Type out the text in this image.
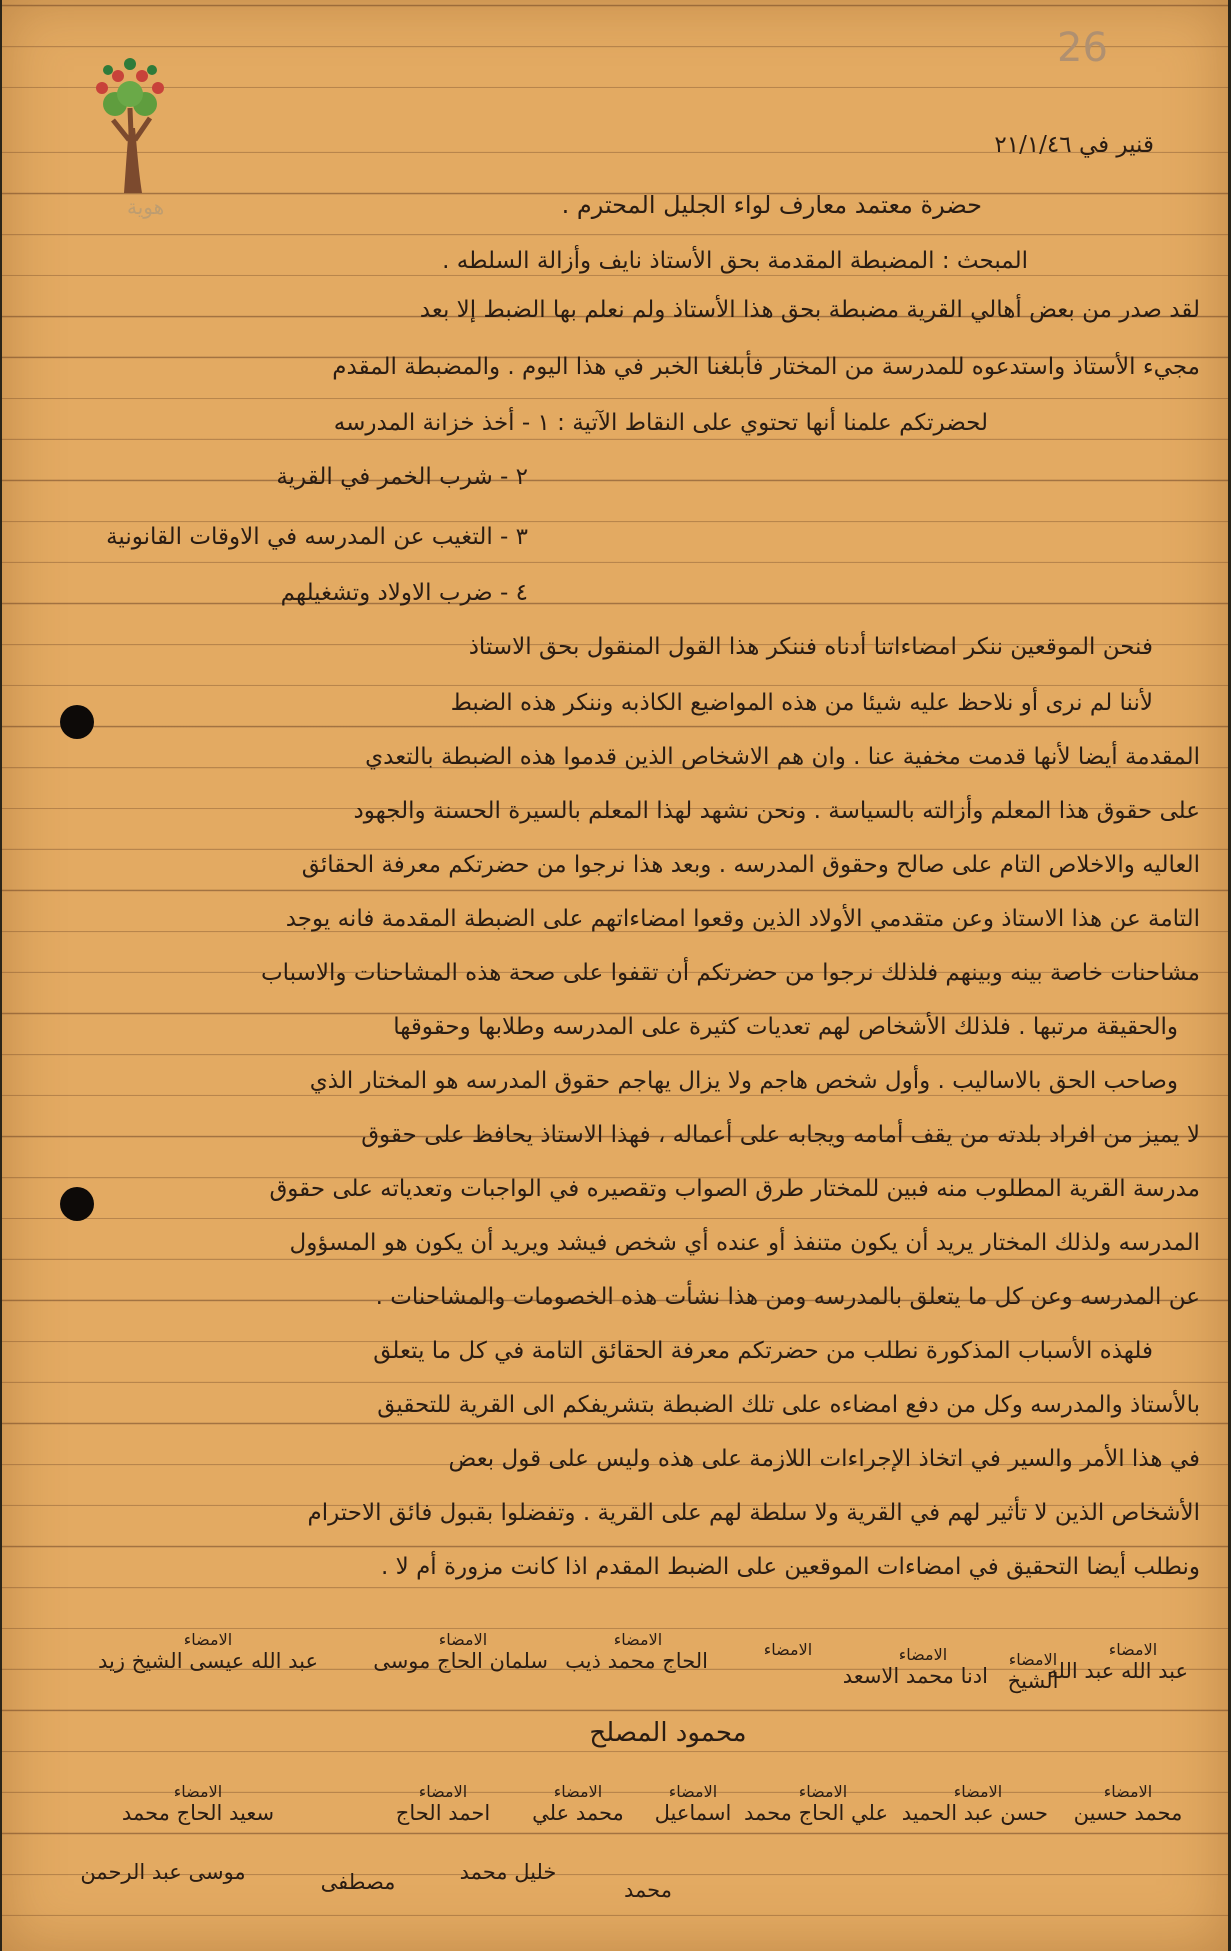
26
هوية
قنير في ٢١/١/٤٦
حضرة معتمد معارف لواء الجليل المحترم .
المبحث : المضبطة المقدمة بحق الأستاذ نايف وأزالة السلطه .
لقد صدر من بعض أهالي القرية مضبطة بحق هذا الأستاذ ولم نعلم بها الضبط إلا بعد
مجيء الأستاذ واستدعوه للمدرسة من المختار فأبلغنا الخبر في هذا اليوم . والمضبطة المقدم
لحضرتكم علمنا أنها تحتوي على النقاط الآتية : ١ - أخذ خزانة المدرسه
٢ - شرب الخمر في القرية
٣ - التغيب عن المدرسه في الاوقات القانونية
٤ - ضرب الاولاد وتشغيلهم
فنحن الموقعين ننكر امضاءاتنا أدناه فننكر هذا القول المنقول بحق الاستاذ
لأننا لم نرى أو نلاحظ عليه شيئا من هذه المواضيع الكاذبه وننكر هذه الضبط
المقدمة أيضا لأنها قدمت مخفية عنا . وان هم الاشخاص الذين قدموا هذه الضبطة بالتعدي
على حقوق هذا المعلم وأزالته بالسياسة . ونحن نشهد لهذا المعلم بالسيرة الحسنة والجهود
العاليه والاخلاص التام على صالح وحقوق المدرسه . وبعد هذا نرجوا من حضرتكم معرفة الحقائق
التامة عن هذا الاستاذ وعن متقدمي الأولاد الذين وقعوا امضاءاتهم على الضبطة المقدمة فانه يوجد
مشاحنات خاصة بينه وبينهم فلذلك نرجوا من حضرتكم أن تقفوا على صحة هذه المشاحنات والاسباب
والحقيقة مرتبها . فلذلك الأشخاص لهم تعديات كثيرة على المدرسه وطلابها وحقوقها
وصاحب الحق بالاساليب . وأول شخص هاجم ولا يزال يهاجم حقوق المدرسه هو المختار الذي
لا يميز من افراد بلدته من يقف أمامه ويجابه على أعماله ، فهذا الاستاذ يحافظ على حقوق
مدرسة القرية المطلوب منه فبين للمختار طرق الصواب وتقصيره في الواجبات وتعدياته على حقوق
المدرسه ولذلك المختار يريد أن يكون متنفذ أو عنده أي شخص فيشد ويريد أن يكون هو المسؤول
عن المدرسه وعن كل ما يتعلق بالمدرسه ومن هذا نشأت هذه الخصومات والمشاحنات .
فلهذه الأسباب المذكورة نطلب من حضرتكم معرفة الحقائق التامة في كل ما يتعلق
بالأستاذ والمدرسه وكل من دفع امضاءه على تلك الضبطة بتشريفكم الى القرية للتحقيق
في هذا الأمر والسير في اتخاذ الإجراءات اللازمة على هذه وليس على قول بعض
الأشخاص الذين لا تأثير لهم في القرية ولا سلطة لهم على القرية . وتفضلوا بقبول فائق الاحترام
ونطلب أيضا التحقيق في امضاءات الموقعين على الضبط المقدم اذا كانت مزورة أم لا .
الامضاء
عبد الله عبد الله
الامضاء
الشيخ
الامضاء
ادنا محمد الاسعد
الامضاء
الامضاء
الحاج محمد ذيب
الامضاء
سلمان الحاج موسى
الامضاء
عبد الله عيسى الشيخ زيد
محمود المصلح
الامضاء
محمد حسين
الامضاء
حسن عبد الحميد
الامضاء
علي الحاج محمد
الامضاء
اسماعيل
الامضاء
محمد علي
الامضاء
احمد الحاج
الامضاء
سعيد الحاج محمد
محمد
خليل محمد
مصطفى
موسى عبد الرحمن
